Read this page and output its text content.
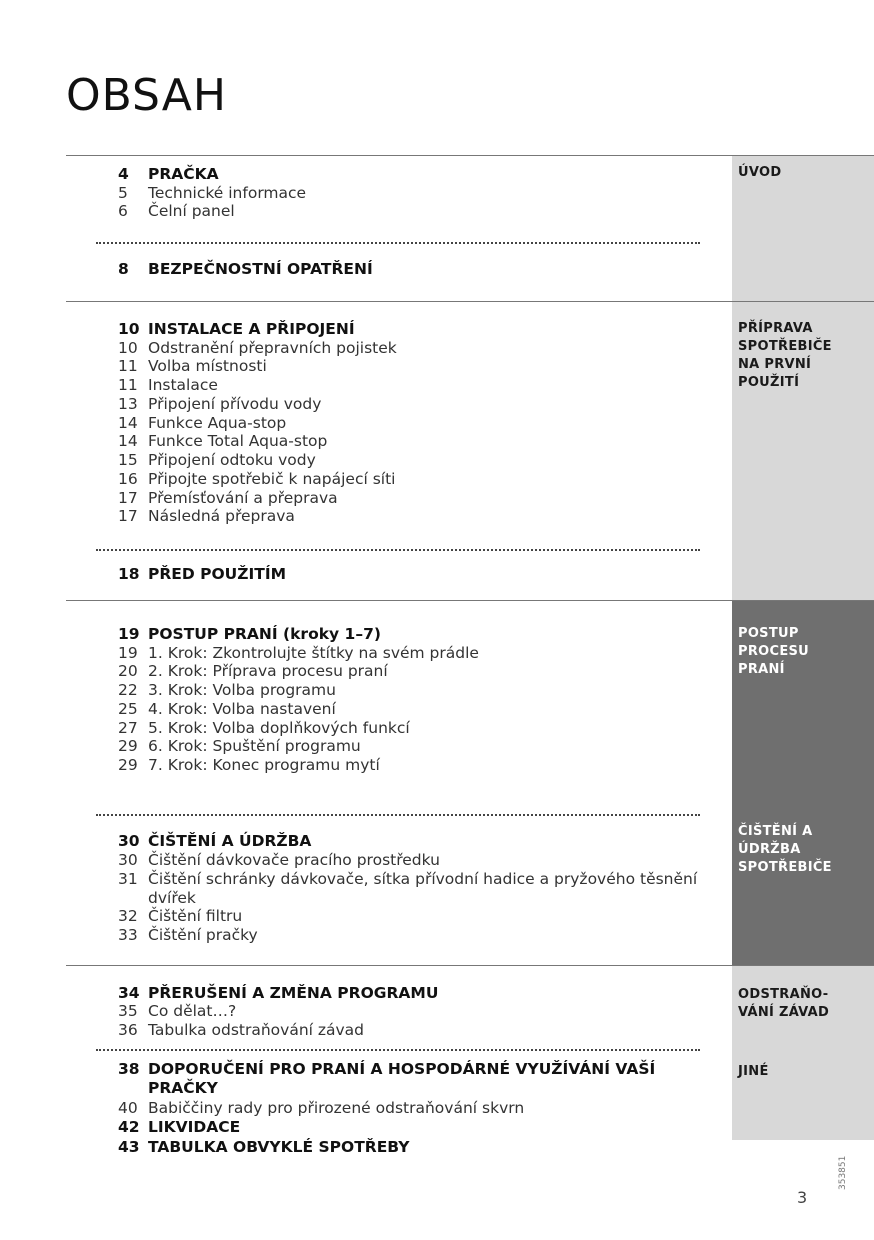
OBSAH
ÚVOD
PŘÍPRAVA
SPOTŘEBIČE
NA PRVNÍ
POUŽITÍ
POSTUP
PROCESU
PRANÍ
ČIŠTĚNÍ A
ÚDRŽBA
SPOTŘEBIČE
ODSTRAŇO-
VÁNÍ ZÁVAD
JINÉ
4	PRAČKA
5	Technické informace
6	Čelní panel
8	BEZPEČNOSTNÍ OPATŘENÍ
10 INSTALACE A PŘIPOJENÍ
10 Odstranění přepravních pojistek
11 Volba místnosti
11 Instalace
13 Připojení přívodu vody
14 Funkce Aqua-stop
14 Funkce Total Aqua-stop
15 Připojení odtoku vody
16 Připojte spotřebič k napájecí síti
17 Přemísťování a přeprava
17 Následná přeprava
18 PŘED POUŽITÍM
19 POSTUP PRANÍ (kroky 1–7)
19 1. Krok: Zkontrolujte štítky na svém prádle
20 2. Krok: Příprava procesu praní
22 3. Krok: Volba programu
25 4. Krok: Volba nastavení
27 5. Krok: Volba doplňkových funkcí
29 6. Krok: Spuštění programu
29 7. Krok: Konec programu mytí
30 ČIŠTĚNÍ A ÚDRŽBA
30 Čištění dávkovače pracího prostředku
31 Čištění schránky dávkovače, sítka přívodní hadice a pryžového těsnění dvířek
32 Čištění filtru
33 Čištění pračky
34 PŘERUŠENÍ A ZMĚNA PROGRAMU
35 Co dělat…?
36 Tabulka odstraňování závad
38 DOPORUČENÍ PRO PRANÍ A HOSPODÁRNÉ VYUŽÍVÁNÍ VAŠÍ PRAČKY
40 Babiččiny rady pro přirozené odstraňování skvrn
42 LIKVIDACE
43 TABULKA OBVYKLÉ SPOTŘEBY
353851
3
